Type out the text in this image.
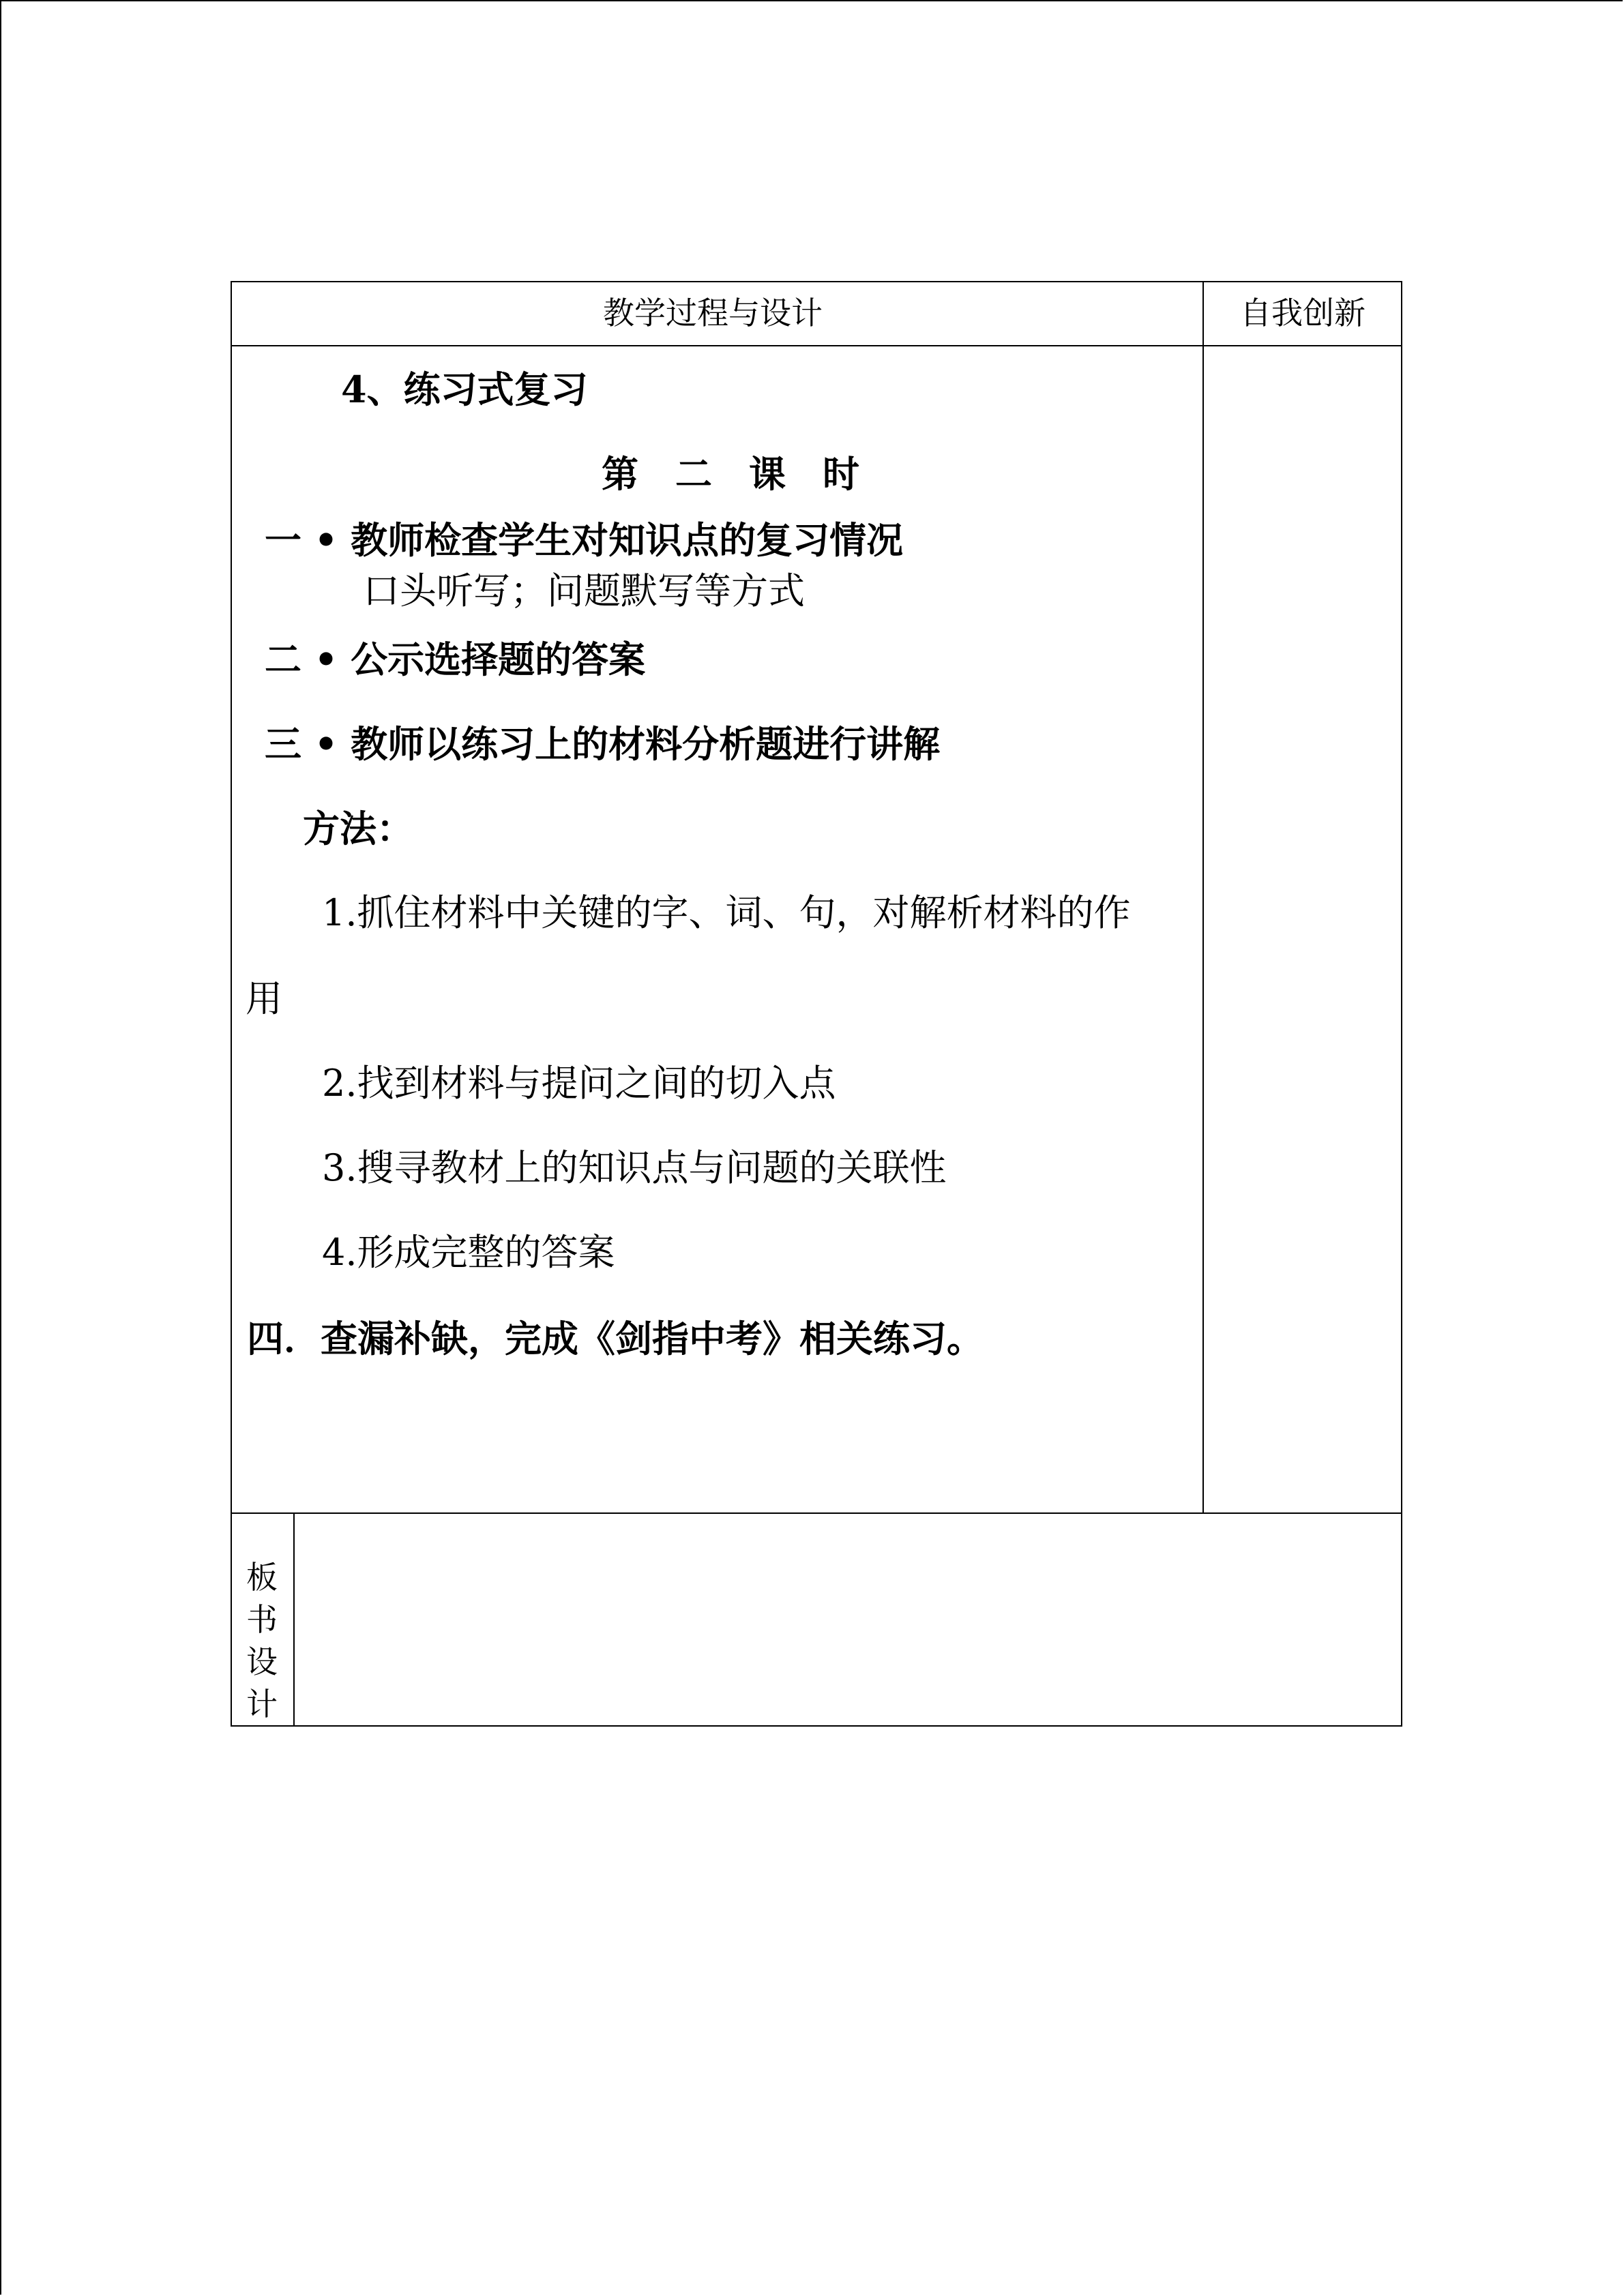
教学过程与设计	自我创新
4、练习式复习
第　二　课　时
一 • 教师检查学生对知识点的复习情况
口头听写；问题默写等方式
二 • 公示选择题的答案
三 • 教师以练习上的材料分析题进行讲解
方法：
1.抓住材料中关键的字、词、句，对解析材料的作
用
2.找到材料与提问之间的切入点
3.搜寻教材上的知识点与问题的关联性
4.形成完整的答案
四．查漏补缺，完成《剑指中考》相关练习。
板
书
设
计
